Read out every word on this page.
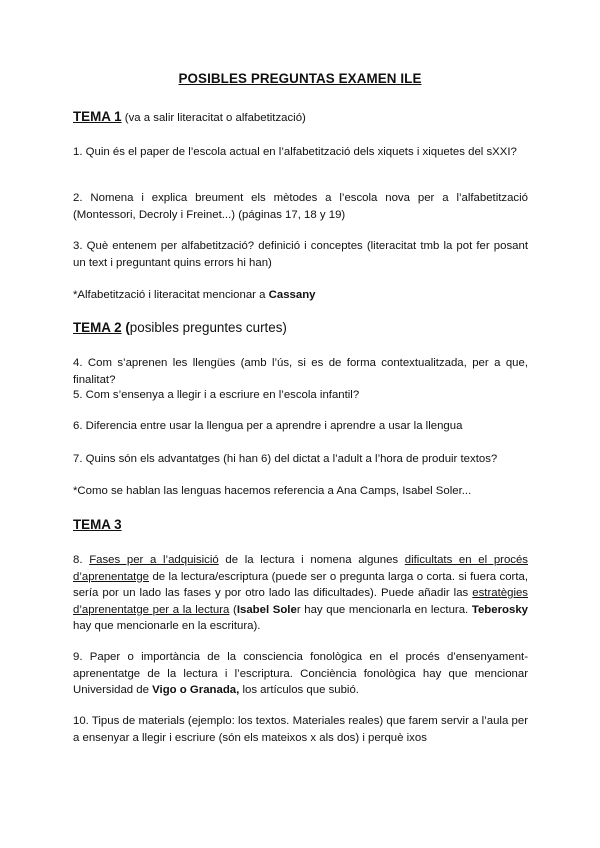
POSIBLES PREGUNTAS EXAMEN ILE
TEMA 1 (va a salir literacitat o alfabetització)
1. Quin és el paper de l’escola actual en l’alfabetització dels xiquets i xiquetes del sXXI?
2. Nomena i explica breument els mètodes a l’escola nova per a l’alfabetització (Montessori, Decroly i Freinet...) (páginas 17, 18 y 19)
3. Què entenem per alfabetització? definició i conceptes (literacitat tmb la pot fer posant un text i preguntant quins errors hi han)
*Alfabetització i literacitat mencionar a Cassany
TEMA 2 (posibles preguntes curtes)
4. Com s’aprenen les llengües (amb l’ús, si es de forma contextualitzada, per a que, finalitat?
5. Com s’ensenya a llegir i a escriure en l’escola infantil?
6. Diferencia entre usar la llengua per a aprendre i aprendre a usar la llengua
7. Quins són els advantatges (hi han 6) del dictat a l’adult a l’hora de produir textos?
*Como se hablan las lenguas hacemos referencia a Ana Camps, Isabel Soler...
TEMA 3
8. Fases per a l’adquisició de la lectura i nomena algunes dificultats en el procés d’aprenentatge de la lectura/escriptura (puede ser o pregunta larga o corta. si fuera corta, sería por un lado las fases y por otro lado las dificultades). Puede añadir las estratègies d’aprenentatge per a la lectura (Isabel Soler hay que mencionarla en lectura. Teberosky hay que mencionarle en la escritura).
9. Paper o importància de la consciencia fonològica en el procés d’ensenyament-aprenentatge de la lectura i l’escriptura. Conciència fonològica hay que mencionar Universidad de Vigo o Granada, los artículos que subió.
10. Tipus de materials (ejemplo: los textos. Materiales reales) que farem servir a l’aula per a ensenyar a llegir i escriure (són els mateixos x als dos) i perquè ixos
